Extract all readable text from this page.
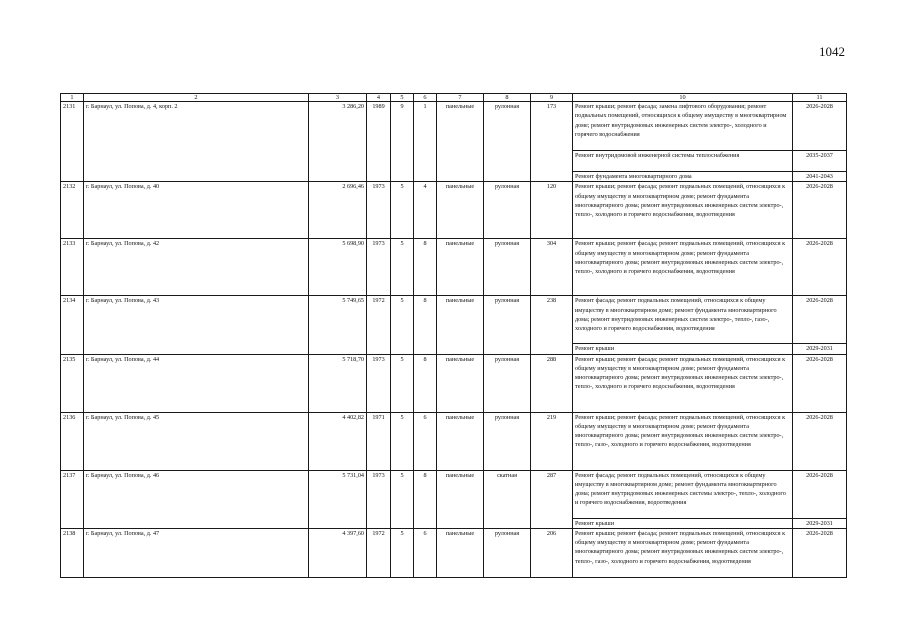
1042
1	2	3	4	5	6	7	8	9	10	11
2131	г. Барнаул, ул. Попова, д. 4, корп. 2	3 286,20	1989	9	1	панельные	рулонная	173	Ремонт крыши; ремонт фасада; замена лифтового оборудования; ремонт подвальных помещений, относящихся к общему имуществу в многоквартирном доме; ремонт внутридомовых инженерных систем электро-, холодного и горячего водоснабжения	2026-2028
									Ремонт внутридомовой инженерной системы теплоснабжения	2035-2037
									Ремонт фундамента многоквартирного дома	2041-2043
2132	г. Барнаул, ул. Попова, д. 40	2 696,46	1973	5	4	панельные	рулонная	120	Ремонт крыши; ремонт фасада; ремонт подвальных помещений, относящихся к общему имуществу в многоквартирном доме; ремонт фундамента многоквартирного дома; ремонт внутридомовых инженерных систем электро-, тепло-, холодного и горячего водоснабжения, водоотведения	2026-2028
2133	г. Барнаул, ул. Попова, д. 42	5 698,90	1973	5	8	панельные	рулонная	304	Ремонт крыши; ремонт фасада; ремонт подвальных помещений, относящихся к общему имуществу в многоквартирном доме; ремонт фундамента многоквартирного дома; ремонт внутридомовых инженерных систем электро-, тепло-, холодного и горячего водоснабжения, водоотведения	2026-2028
2134	г. Барнаул, ул. Попова, д. 43	5 749,65	1972	5	8	панельные	рулонная	238	Ремонт фасада; ремонт подвальных помещений, относящихся к общему имуществу в многоквартирном доме; ремонт фундамента многоквартирного дома; ремонт внутридомовых инженерных систем электро-, тепло-, газо-, холодного и горячего водоснабжения, водоотведения	2026-2028
									Ремонт крыши	2029-2031
2135	г. Барнаул, ул. Попова, д. 44	5 718,70	1973	5	8	панельные	рулонная	288	Ремонт крыши; ремонт фасада; ремонт подвальных помещений, относящихся к общему имуществу в многоквартирном доме; ремонт фундамента многоквартирного дома; ремонт внутридомовых инженерных систем электро-, тепло-, холодного и горячего водоснабжения, водоотведения	2026-2028
2136	г. Барнаул, ул. Попова, д. 45	4 402,82	1971	5	6	панельные	рулонная	219	Ремонт крыши; ремонт фасада; ремонт подвальных помещений, относящихся к общему имуществу в многоквартирном доме; ремонт фундамента многоквартирного дома; ремонт внутридомовых инженерных систем электро-, тепло-, газо-, холодного и горячего водоснабжения, водоотведения	2026-2028
2137	г. Барнаул, ул. Попова, д. 46	5 731,04	1973	5	8	панельные	скатная	287	Ремонт фасада; ремонт подвальных помещений, относящихся к общему имуществу в многоквартирном доме; ремонт фундамента многоквартирного дома; ремонт внутридомовых инженерных системы электро-, тепло-, холодного и горячего водоснабжения, водоотведения	2026-2028
									Ремонт крыши	2029-2031
2138	г. Барнаул, ул. Попова, д. 47	4 397,60	1972	5	6	панельные	рулонная	206	Ремонт крыши; ремонт фасада; ремонт подвальных помещений, относящихся к общему имуществу в многоквартирном доме; ремонт фундамента многоквартирного дома; ремонт внутридомовых инженерных систем электро-, тепло-, газо-, холодного и горячего водоснабжения, водоотведения	2026-2028
